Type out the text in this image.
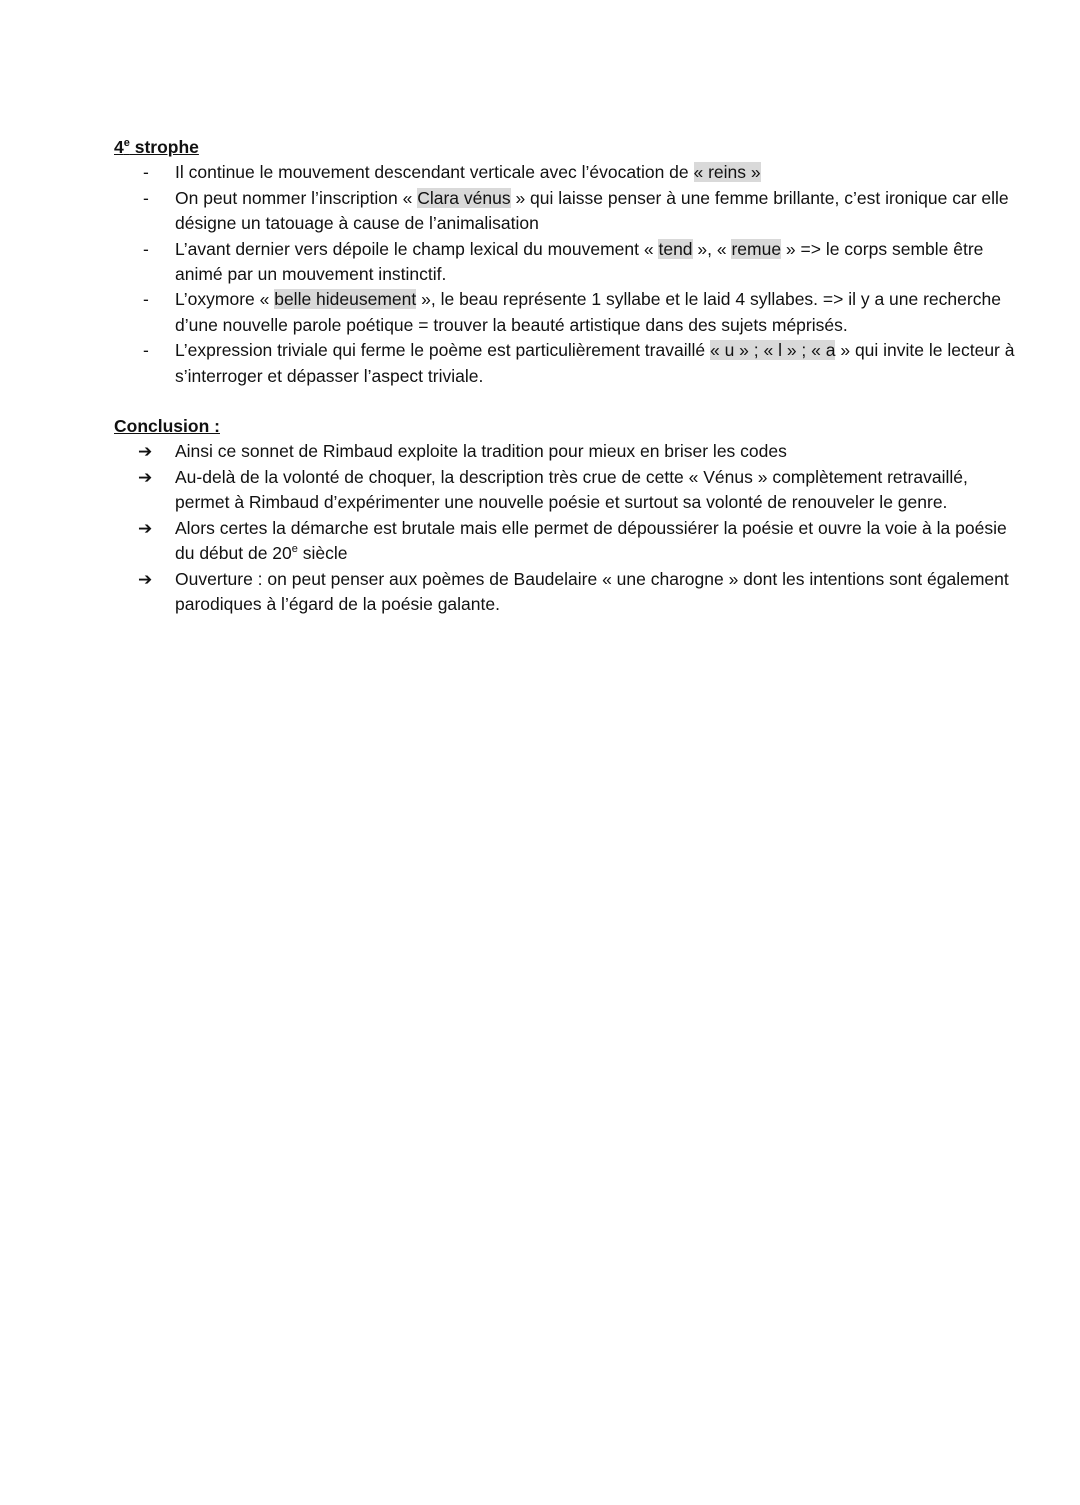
4e strophe

-	Il continue le mouvement descendant verticale avec l’évocation de « reins »
-	On peut nommer l’inscription « Clara vénus » qui laisse penser à une femme brillante, c’est ironique car elle désigne un tatouage à cause de l’animalisation
-	L’avant dernier vers dépoile le champ lexical du mouvement « tend », « remue » => le corps semble être animé par un mouvement instinctif.
-	L’oxymore « belle hideusement », le beau représente 1 syllabe et le laid 4 syllabes. => il y a une recherche d’une nouvelle parole poétique = trouver la beauté artistique dans des sujets méprisés.
-	L’expression triviale qui ferme le poème est particulièrement travaillé « u » ; « l » ; « a » qui invite le lecteur à s’interroger et dépasser l’aspect triviale.

Conclusion :

➔	Ainsi ce sonnet de Rimbaud exploite la tradition pour mieux en briser les codes
➔	Au-delà de la volonté de choquer, la description très crue de cette « Vénus » complètement retravaillé, permet à Rimbaud d’expérimenter une nouvelle poésie et surtout sa volonté de renouveler le genre.
➔	Alors certes la démarche est brutale mais elle permet de dépoussiérer la poésie et ouvre la voie à la poésie du début de 20e siècle
➔	Ouverture : on peut penser aux poèmes de Baudelaire « une charogne » dont les intentions sont également parodiques à l’égard de la poésie galante.
